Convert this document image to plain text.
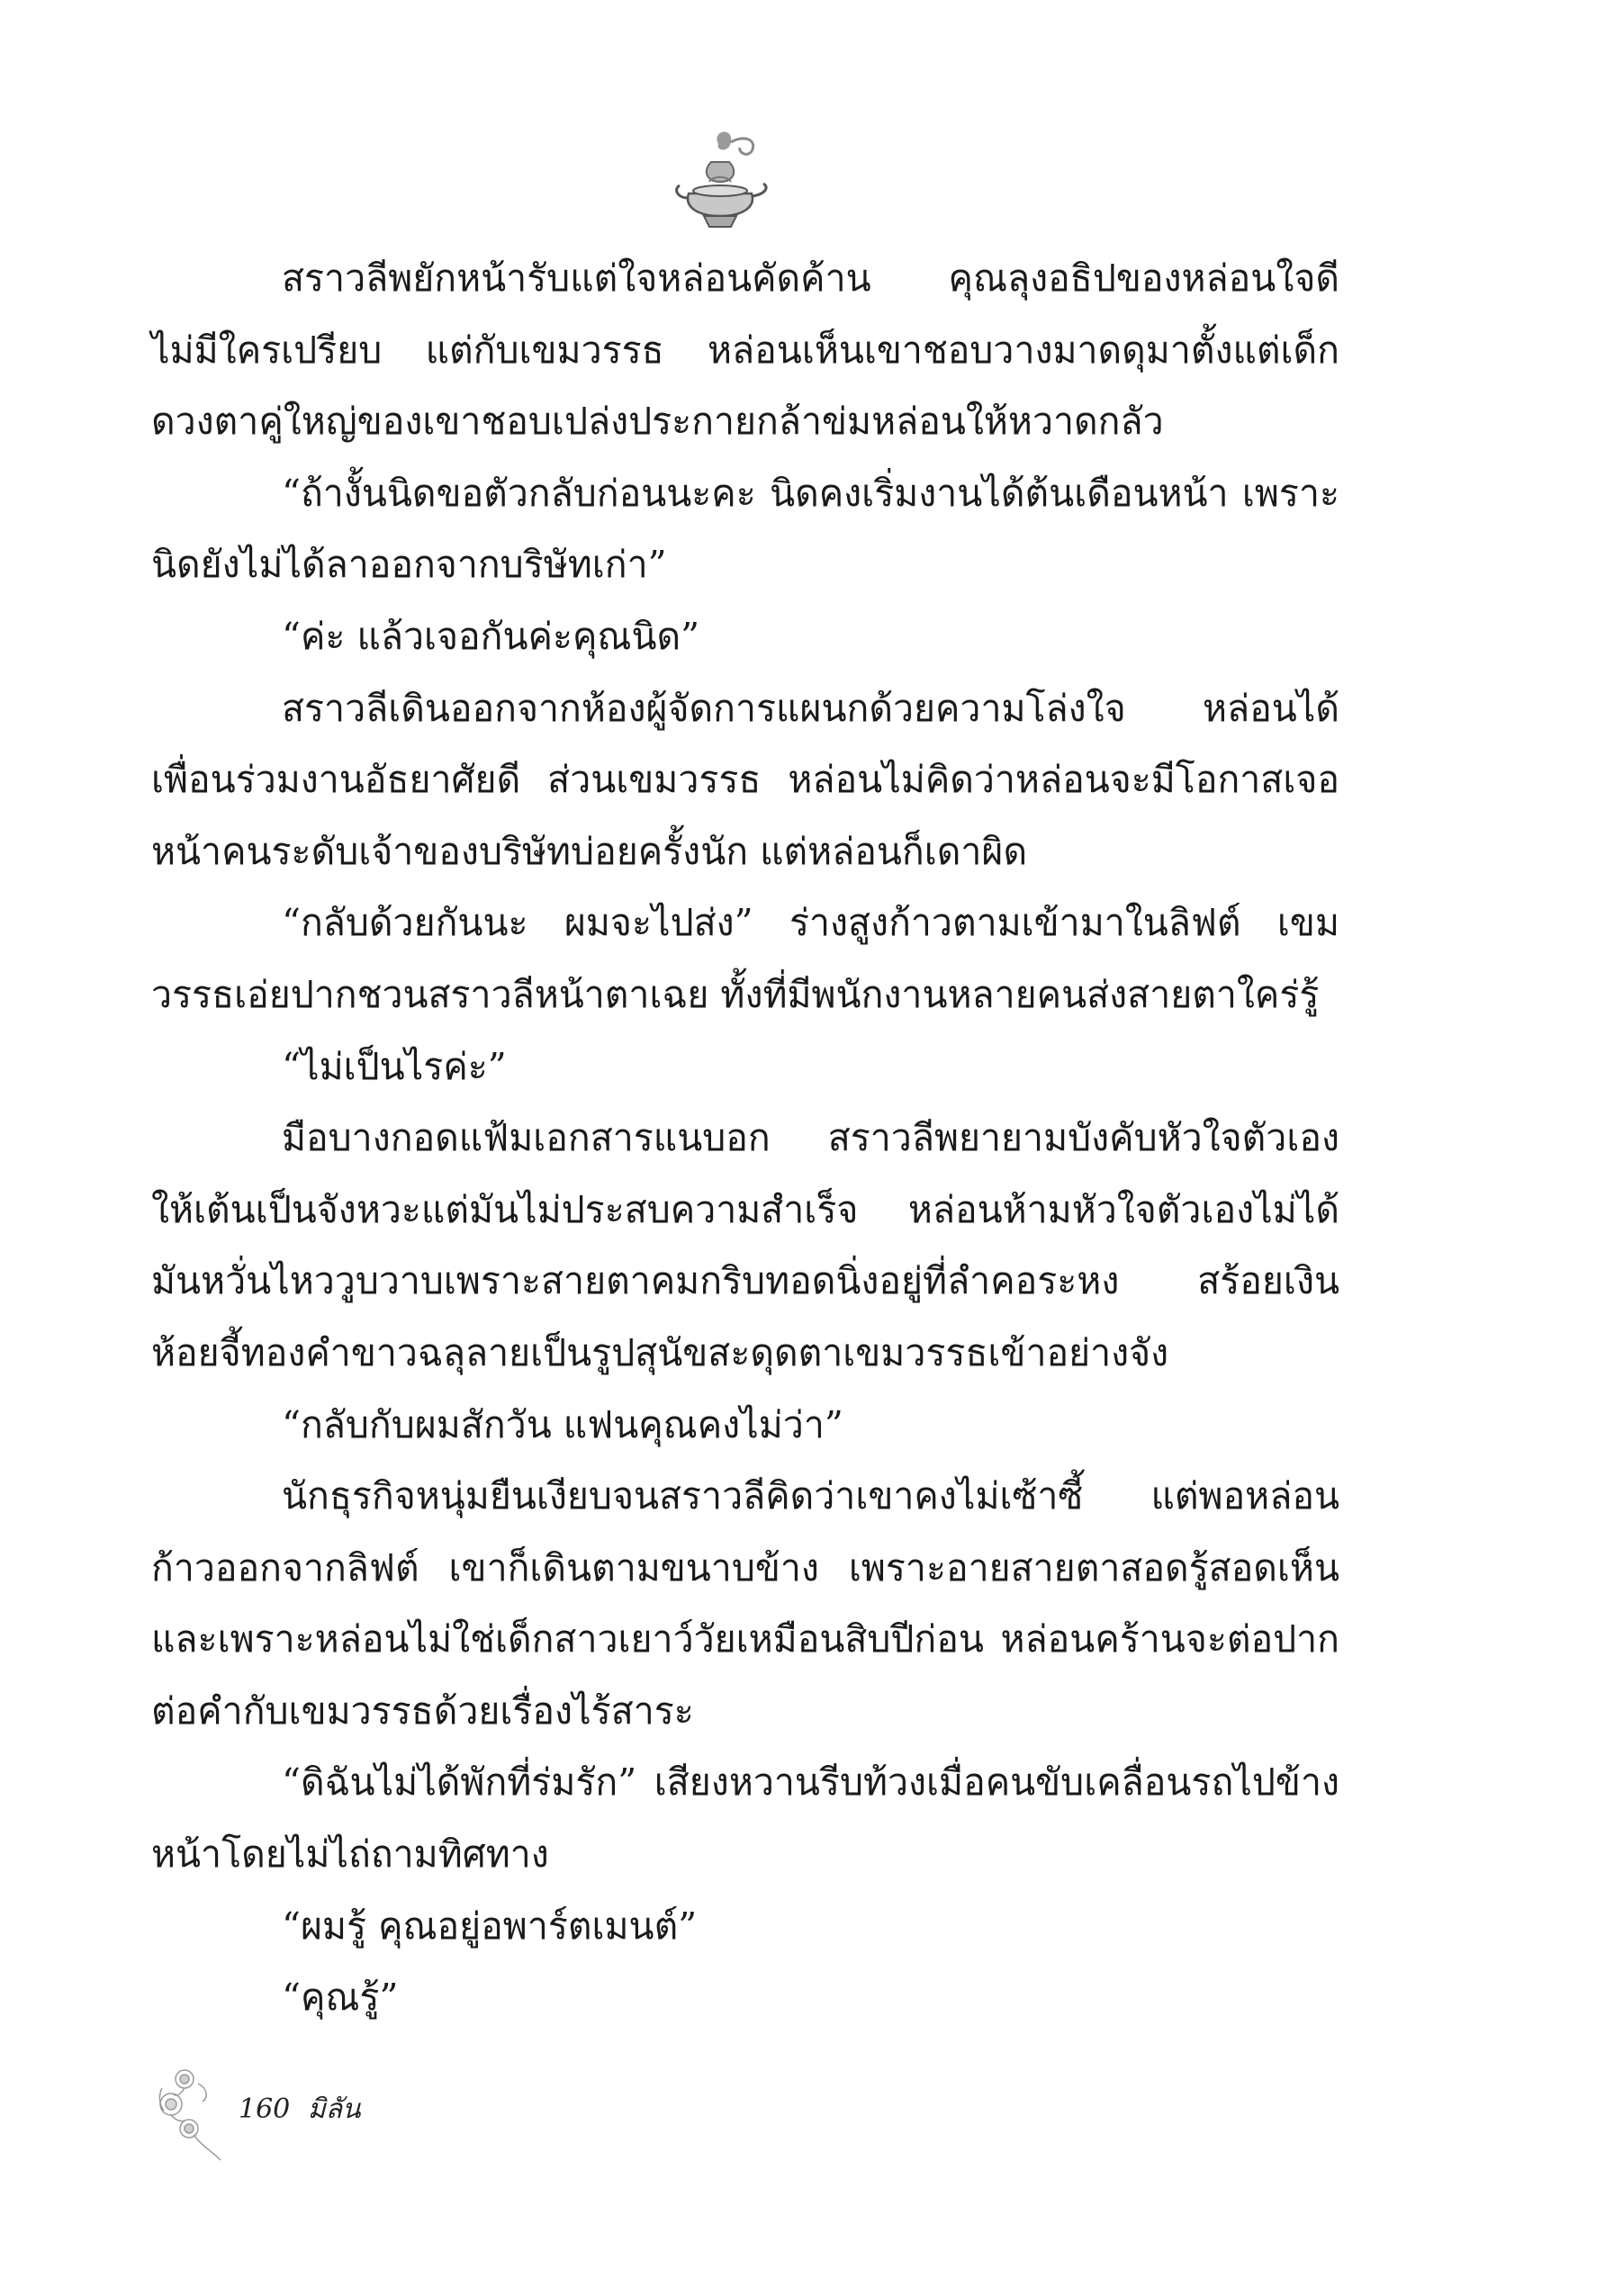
สราวลีพยักหน้ารับแต่ใจหล่อนคัดค้าน คุณลุงอธิปของหล่อนใจดีไม่มีใครเปรียบ แต่กับเขมวรรธ หล่อนเห็นเขาชอบวางมาดดุมาตั้งแต่เด็ก ดวงตาคู่ใหญ่ของเขาชอบเปล่งประกายกล้าข่มหล่อนให้หวาดกลัว

“ถ้างั้นนิดขอตัวกลับก่อนนะคะ นิดคงเริ่มงานได้ต้นเดือนหน้า เพราะนิดยังไม่ได้ลาออกจากบริษัทเก่า”

“ค่ะ แล้วเจอกันค่ะคุณนิด”

สราวลีเดินออกจากห้องผู้จัดการแผนกด้วยความโล่งใจ หล่อนได้เพื่อนร่วมงานอัธยาศัยดี ส่วนเขมวรรธ หล่อนไม่คิดว่าหล่อนจะมีโอกาสเจอหน้าคนระดับเจ้าของบริษัทบ่อยครั้งนัก แต่หล่อนก็เดาผิด

“กลับด้วยกันนะ ผมจะไปส่ง” ร่างสูงก้าวตามเข้ามาในลิฟต์ เขมวรรธเอ่ยปากชวนสราวลีหน้าตาเฉย ทั้งที่มีพนักงานหลายคนส่งสายตาใคร่รู้

“ไม่เป็นไรค่ะ”

มือบางกอดแฟ้มเอกสารแนบอก สราวลีพยายามบังคับหัวใจตัวเอง ให้เต้นเป็นจังหวะแต่มันไม่ประสบความสำเร็จ หล่อนห้ามหัวใจตัวเองไม่ได้ มันหวั่นไหววูบวาบเพราะสายตาคมกริบทอดนิ่งอยู่ที่ลำคอระหง สร้อยเงินห้อยจี้ทองคำขาวฉลุลายเป็นรูปสุนัขสะดุดตาเขมวรรธเข้าอย่างจัง

“กลับกับผมสักวัน แฟนคุณคงไม่ว่า”

นักธุรกิจหนุ่มยืนเงียบจนสราวลีคิดว่าเขาคงไม่เซ้าซี้ แต่พอหล่อนก้าวออกจากลิฟต์ เขาก็เดินตามขนาบข้าง เพราะอายสายตาสอดรู้สอดเห็น และเพราะหล่อนไม่ใช่เด็กสาวเยาว์วัยเหมือนสิบปีก่อน หล่อนคร้านจะต่อปากต่อคำกับเขมวรรธด้วยเรื่องไร้สาระ

“ดิฉันไม่ได้พักที่ร่มรัก” เสียงหวานรีบท้วงเมื่อคนขับเคลื่อนรถไปข้างหน้าโดยไม่ไถ่ถามทิศทาง

“ผมรู้ คุณอยู่อพาร์ตเมนต์”

“คุณรู้”

160 มิลัน
